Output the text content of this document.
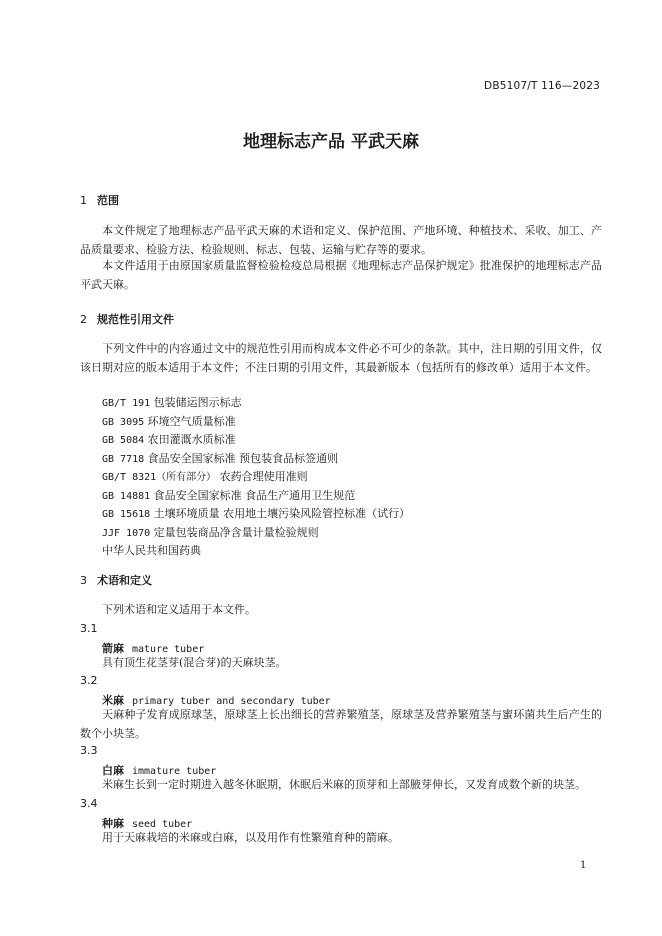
DB5107/T 116—2023
地理标志产品 平武天麻
1 范围
本文件规定了地理标志产品平武天麻的术语和定义、保护范围、产地环境、种植技术、采收、加工、产品质量要求、检验方法、检验规则、标志、包装、运输与贮存等的要求。
本文件适用于由原国家质量监督检验检疫总局根据《地理标志产品保护规定》批准保护的地理标志产品平武天麻。
2 规范性引用文件
下列文件中的内容通过文中的规范性引用而构成本文件必不可少的条款。其中，注日期的引用文件，仅该日期对应的版本适用于本文件；不注日期的引用文件，其最新版本（包括所有的修改单）适用于本文件。
GB/T 191 包装储运图示标志
GB 3095 环境空气质量标准
GB 5084 农田灌溉水质标准
GB 7718 食品安全国家标准 预包装食品标签通则
GB/T 8321（所有部分） 农药合理使用准则
GB 14881 食品安全国家标准 食品生产通用卫生规范
GB 15618 土壤环境质量 农用地土壤污染风险管控标准（试行）
JJF 1070 定量包装商品净含量计量检验规则
中华人民共和国药典
3 术语和定义
下列术语和定义适用于本文件。
3.1
箭麻 mature tuber
具有顶生花茎芽(混合芽)的天麻块茎。
3.2
米麻 primary tuber and secondary tuber
天麻种子发育成原球茎，原球茎上长出细长的营养繁殖茎，原球茎及营养繁殖茎与蜜环菌共生后产生的数个小块茎。
3.3
白麻 immature tuber
米麻生长到一定时期进入越冬休眠期，休眠后米麻的顶芽和上部腋芽伸长，又发育成数个新的块茎。
3.4
种麻 seed tuber
用于天麻栽培的米麻或白麻，以及用作有性繁殖育种的箭麻。
1
